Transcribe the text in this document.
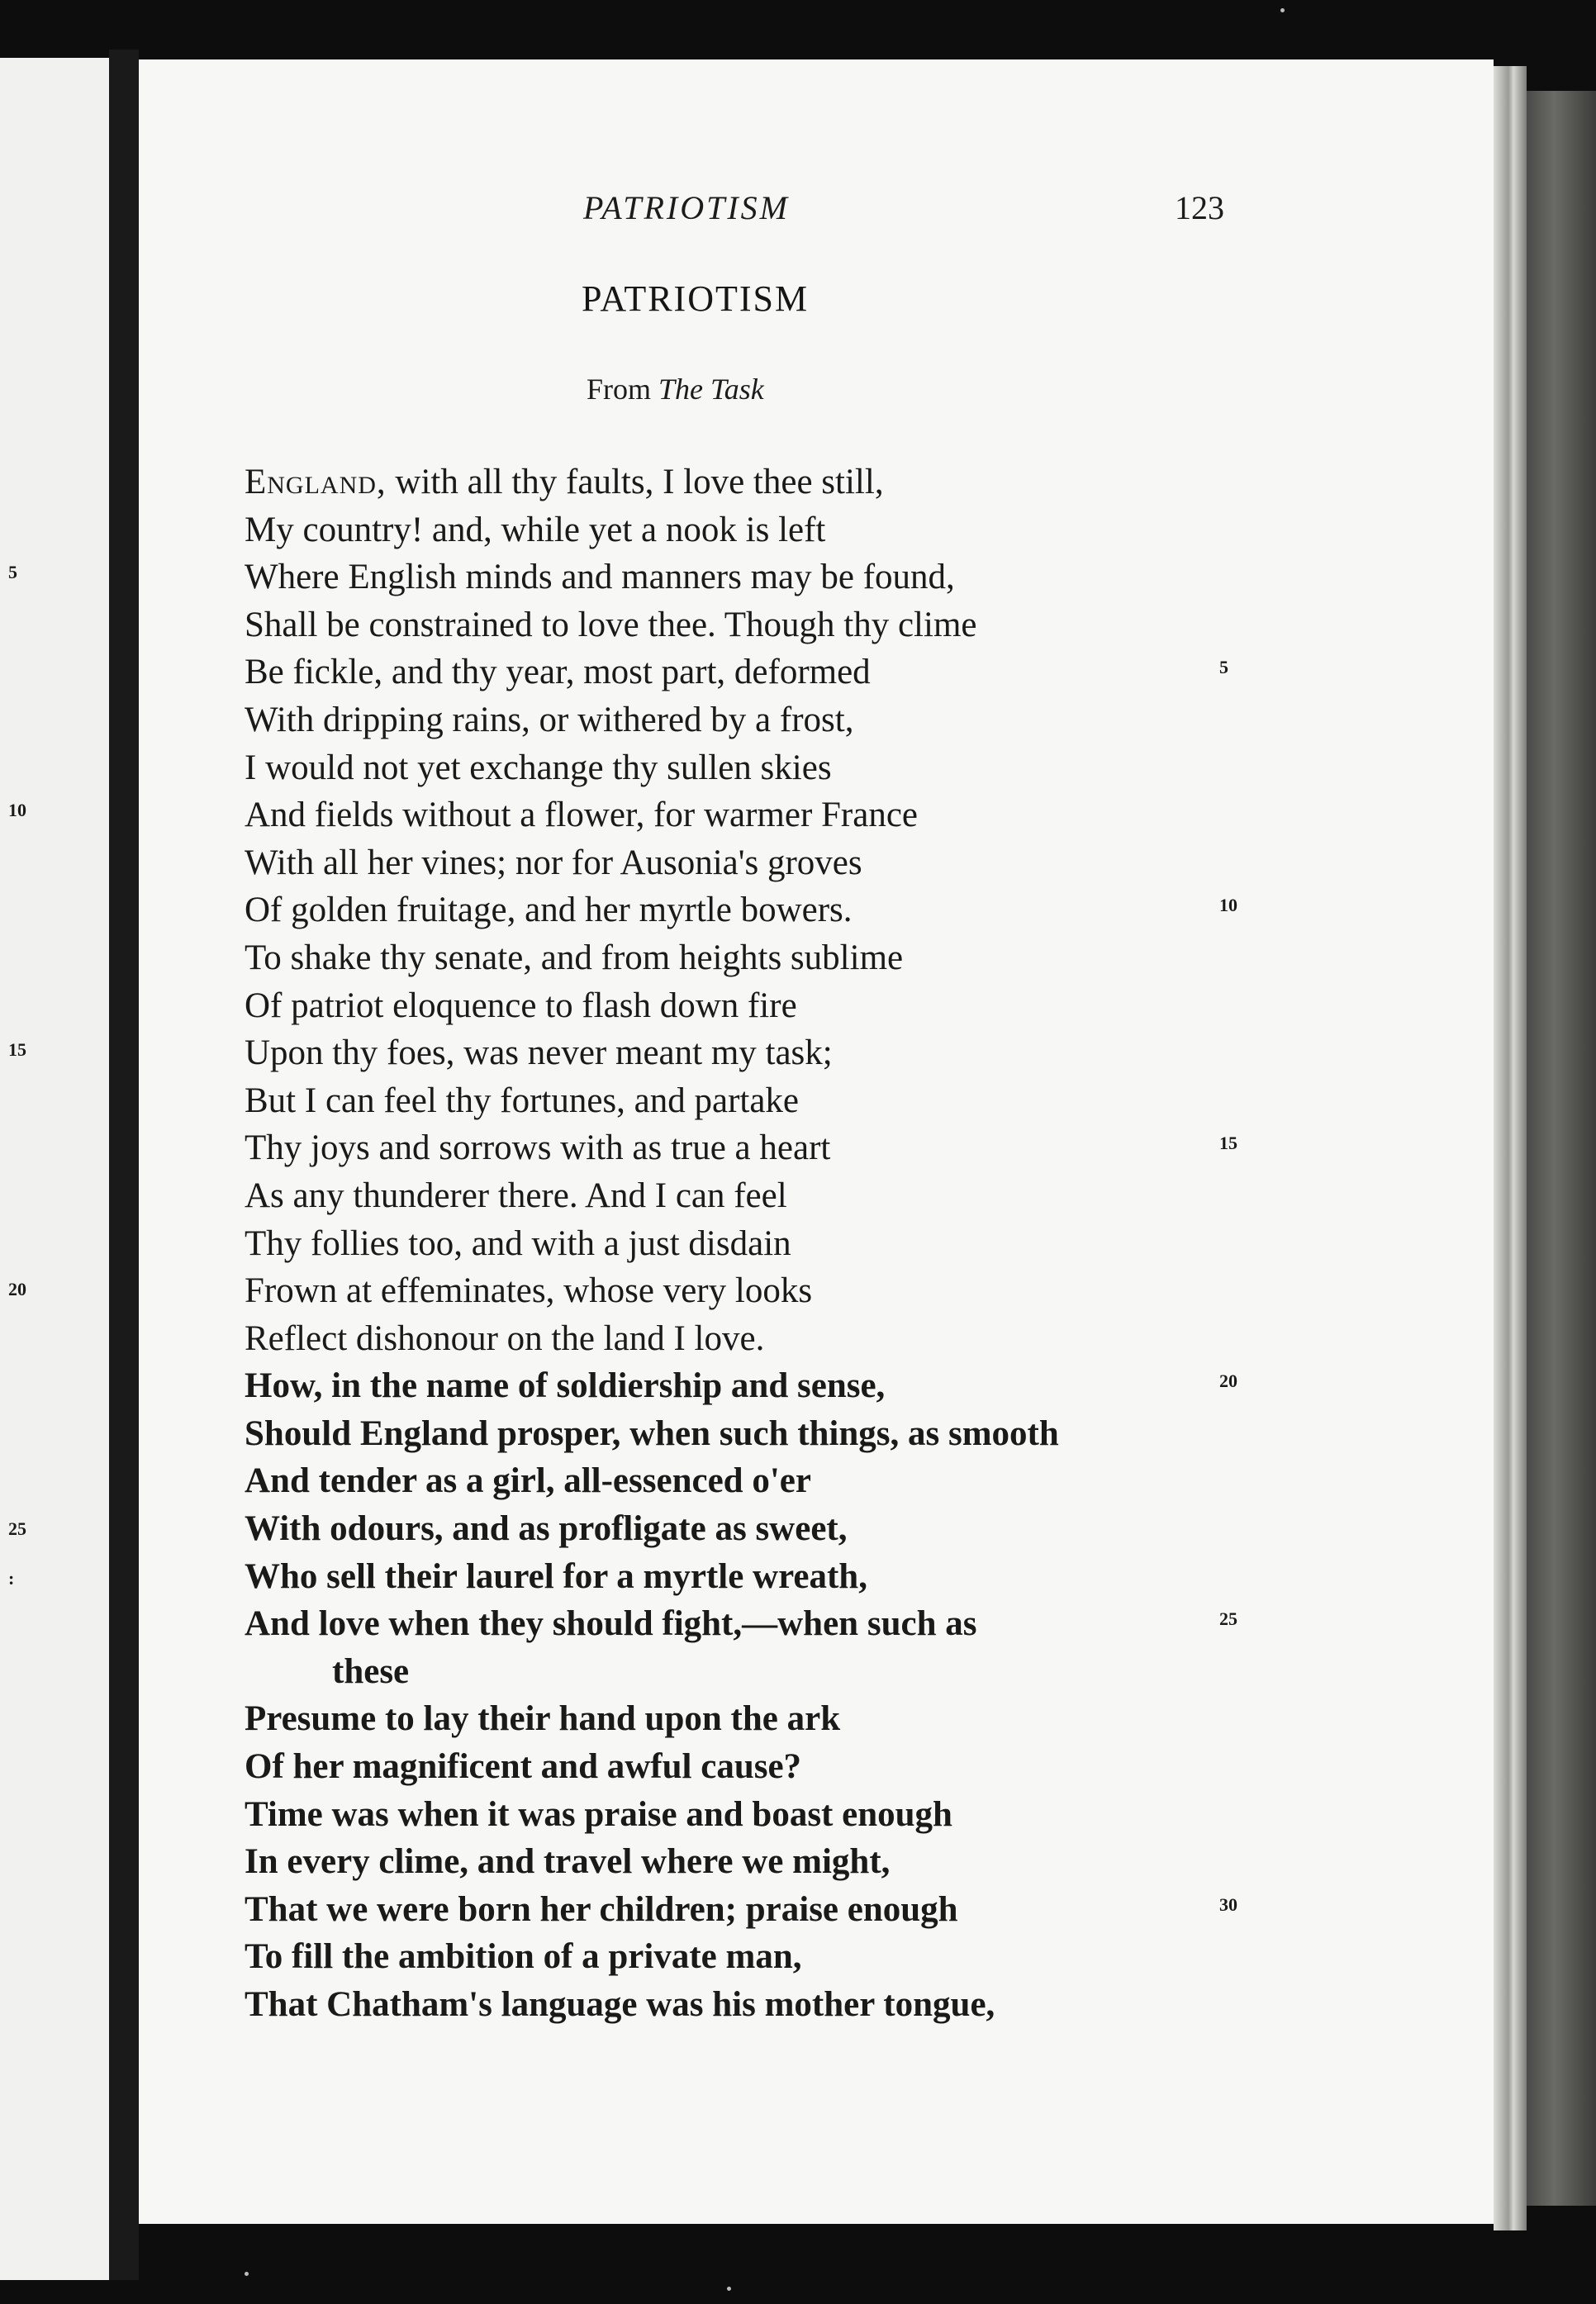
5
10
15
20
25
:
PATRIOTISM	123
PATRIOTISM
From The Task
England, with all thy faults, I love thee still,
My country! and, while yet a nook is left
Where English minds and manners may be found,
Shall be constrained to love thee. Though thy clime
Be fickle, and thy year, most part, deformed	5
With dripping rains, or withered by a frost,
I would not yet exchange thy sullen skies
And fields without a flower, for warmer France
With all her vines; nor for Ausonia's groves
Of golden fruitage, and her myrtle bowers.	10
To shake thy senate, and from heights sublime
Of patriot eloquence to flash down fire
Upon thy foes, was never meant my task;
But I can feel thy fortunes, and partake
Thy joys and sorrows with as true a heart	15
As any thunderer there. And I can feel
Thy follies too, and with a just disdain
Frown at effeminates, whose very looks
Reflect dishonour on the land I love.
How, in the name of soldiership and sense,	20
Should England prosper, when such things, as smooth
And tender as a girl, all-essenced o'er
With odours, and as profligate as sweet,
Who sell their laurel for a myrtle wreath,
And love when they should fight,—when such as	25
these
Presume to lay their hand upon the ark
Of her magnificent and awful cause?
Time was when it was praise and boast enough
In every clime, and travel where we might,
That we were born her children; praise enough	30
To fill the ambition of a private man,
That Chatham's language was his mother tongue,
